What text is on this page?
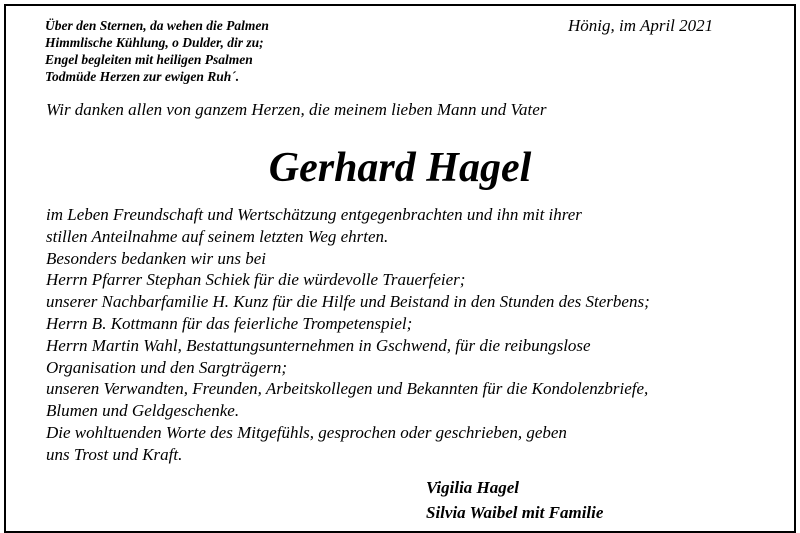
Über den Sternen, da wehen die Palmen
Himmlische Kühlung, o Dulder, dir zu;
Engel begleiten mit heiligen Psalmen
Todmüde Herzen zur ewigen Ruh´.
Hönig, im April 2021
Wir danken allen von ganzem Herzen, die meinem lieben Mann und Vater
Gerhard Hagel
im Leben Freundschaft und Wertschätzung entgegenbrachten und ihn mit ihrer
stillen Anteilnahme auf seinem letzten Weg ehrten.
Besonders bedanken wir uns bei
Herrn Pfarrer Stephan Schiek für die würdevolle Trauerfeier;
unserer Nachbarfamilie H. Kunz für die Hilfe und Beistand in den Stunden des Sterbens;
Herrn B. Kottmann für das feierliche Trompetenspiel;
Herrn Martin Wahl, Bestattungsunternehmen in Gschwend, für die reibungslose
Organisation und den Sargträgern;
unseren Verwandten, Freunden, Arbeitskollegen und Bekannten für die Kondolenzbriefe,
Blumen und Geldgeschenke.
Die wohltuenden Worte des Mitgefühls, gesprochen oder geschrieben, geben
uns Trost und Kraft.
Vigilia Hagel
Silvia Waibel mit Familie
